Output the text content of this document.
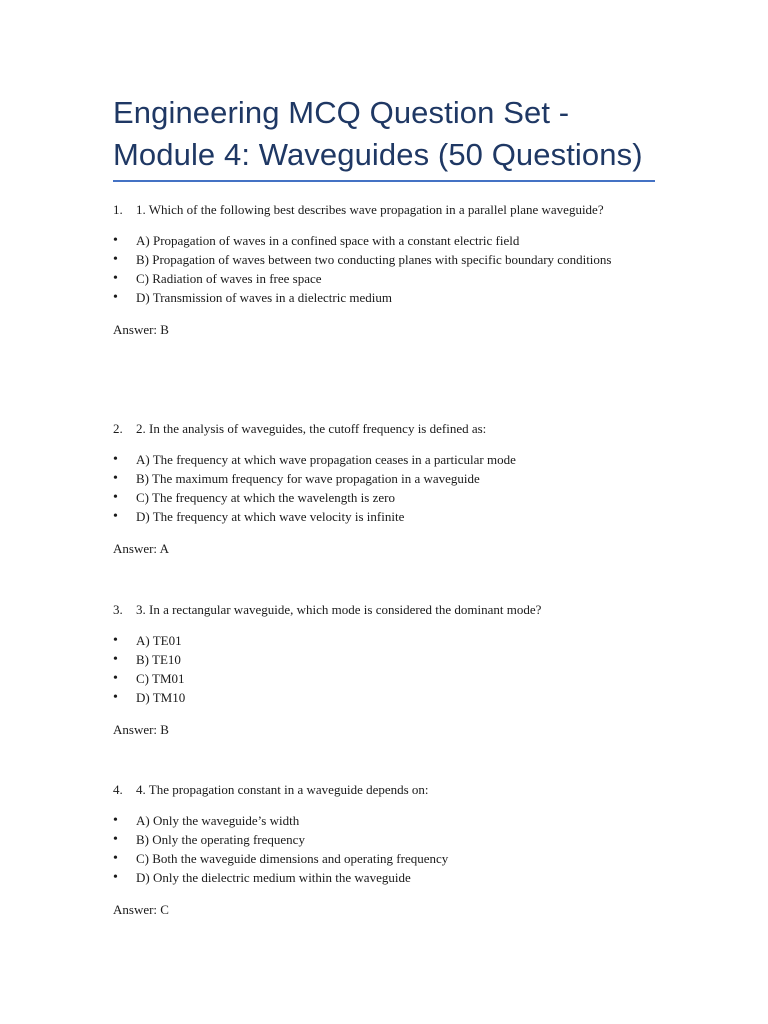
Engineering MCQ Question Set - Module 4: Waveguides (50 Questions)
1. 1. Which of the following best describes wave propagation in a parallel plane waveguide?
• A) Propagation of waves in a confined space with a constant electric field
• B) Propagation of waves between two conducting planes with specific boundary conditions
• C) Radiation of waves in free space
• D) Transmission of waves in a dielectric medium
Answer: B
2. 2. In the analysis of waveguides, the cutoff frequency is defined as:
• A) The frequency at which wave propagation ceases in a particular mode
• B) The maximum frequency for wave propagation in a waveguide
• C) The frequency at which the wavelength is zero
• D) The frequency at which wave velocity is infinite
Answer: A
3. 3. In a rectangular waveguide, which mode is considered the dominant mode?
• A) TE01
• B) TE10
• C) TM01
• D) TM10
Answer: B
4. 4. The propagation constant in a waveguide depends on:
• A) Only the waveguide’s width
• B) Only the operating frequency
• C) Both the waveguide dimensions and operating frequency
• D) Only the dielectric medium within the waveguide
Answer: C
